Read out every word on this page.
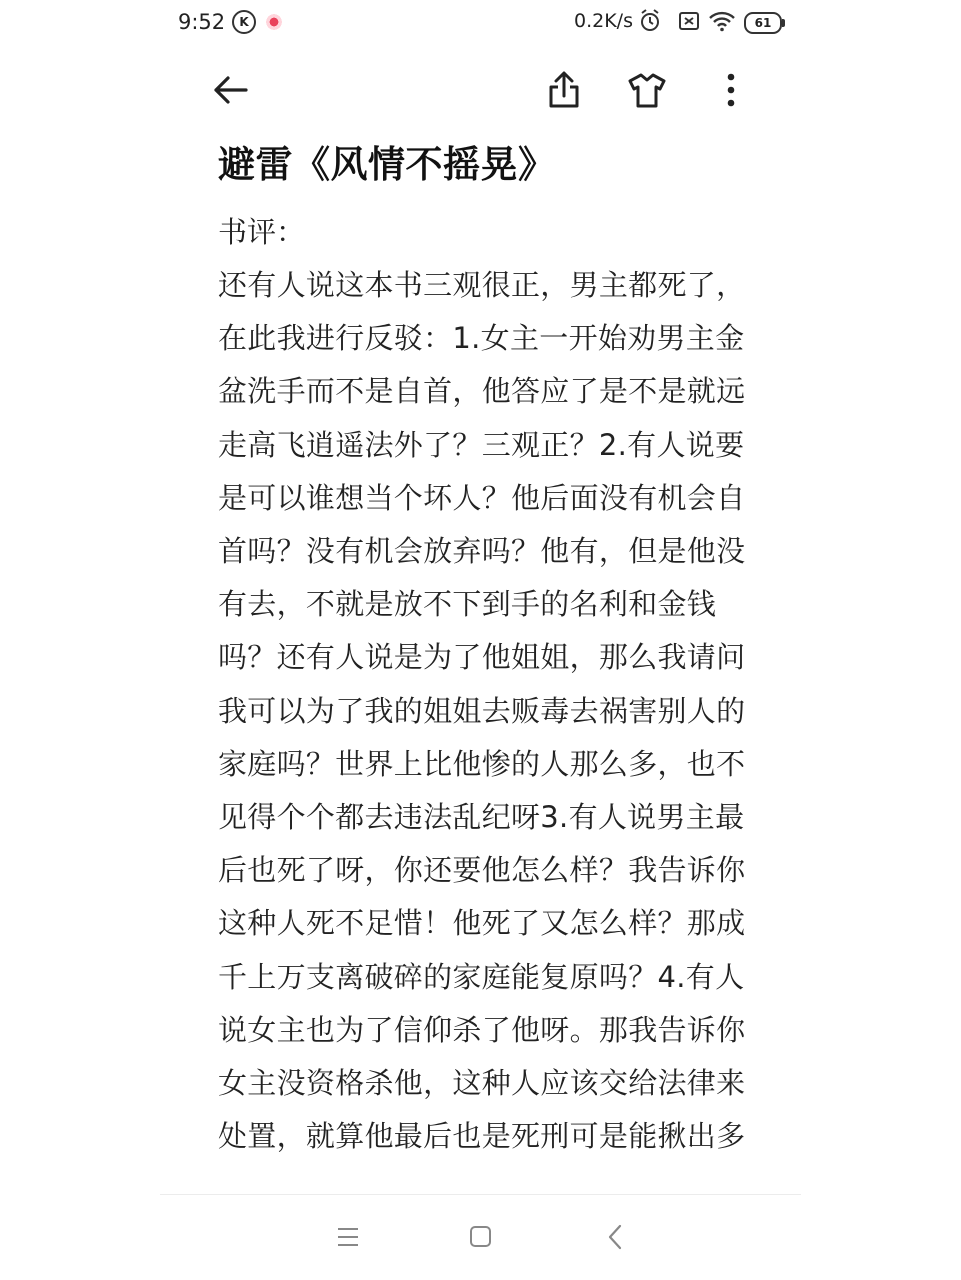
9:52	K	0.2K/s	61
避雷《风情不摇晃》

书评：

还有人说这本书三观很正，男主都死了，在此我进行反驳：1.女主一开始劝男主金盆洗手而不是自首，他答应了是不是就远走高飞逍遥法外了？三观正？2.有人说要是可以谁想当个坏人？他后面没有机会自首吗？没有机会放弃吗？他有，但是他没有去，不就是放不下到手的名利和金钱吗？还有人说是为了他姐姐，那么我请问我可以为了我的姐姐去贩毒去祸害别人的家庭吗？世界上比他惨的人那么多，也不见得个个都去违法乱纪呀3.有人说男主最后也死了呀，你还要他怎么样？我告诉你这种人死不足惜！他死了又怎么样？那成千上万支离破碎的家庭能复原吗？4.有人说女主也为了信仰杀了他呀。那我告诉你女主没资格杀他，这种人应该交给法律来处置，就算他最后也是死刑可是能揪出多
